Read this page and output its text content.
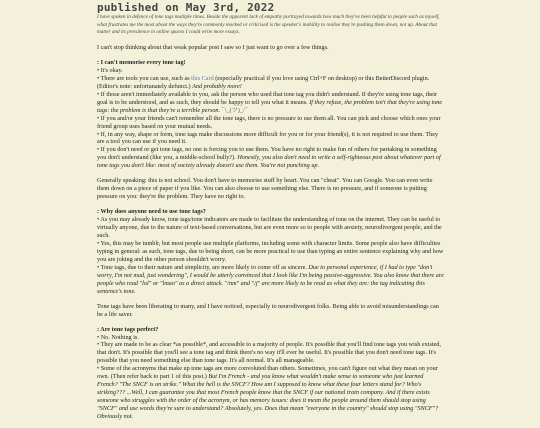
published on May 3rd, 2022
I have spoken in defence of tone tags multiple times. Beside the apparent lack of empathy portrayed towards how much they've been helpful to people such as myself, what frustrates me the most about the ways they're commonly mocked or criticised is the speaker's inability to realise they're pushing them down, not up. About that matter and its prevalence in online spaces I could write more essays.

I can't stop thinking about that weak popular post I saw so I just want to go over a few things.

: I can't memorise every tone tag!
• It's okay.
• There are tools you can use, such as this Card (especially practical if you love using Ctrl+F on desktop) or this BetterDiscord plugin. (Editor's note: unfortunately defunct.) And probably more!
• If those aren't immediately available to you, ask the person who used that tone tag you didn't understand. If they're using tone tags, their goal is to be understood, and as such, they should be happy to tell you what it means. If they refuse, the problem isn't that they're using tone tags: the problem is that they're a terrible person. ¯\_(ツ)_/¯
• If you and/or your friends can't remember all the tone tags, there is no pressure to use them all. You can pick and choose which ones your friend group uses based on your mutual needs.
• If, in any way, shape or form, tone tags make discussions more difficult for you or for your friend(s), it is not required to use them. They are a tool you can use if you need it.
• If you don't need or get tone tags, no one is forcing you to use them. You have no right to make fun of others for partaking in something you don't understand (like you, a middle-school bully?). Honestly, you also don't need to write a self-righteous post about whatever part of tone tags you don't like: most of society already doesn't use them. You're not punching up.

Generally speaking: this is not school. You don't have to memorise stuff by heart. You can "cheat". You can Google. You can even write them down on a piece of paper if you like. You can also choose to use something else. There is no pressure, and if someone is putting pressure on you: they're the problem. They have no right to.

: Why does anyone need to use tone tags?
• As you may already know, tone tags/tone indicators are made to facilitate the understanding of tone on the internet. They can be useful to virtually anyone, due to the nature of text-based conversations, but are even more so to people with anxiety, neurodivergent people, and the such.
• Yes, this may be tumblr, but most people use multiple platforms, including some with character limits. Some people also have difficulties typing in general: as such, tone tags, due to being short, can be more practical to use than typing an entire sentence explaining why and how you are joking and the other person shouldn't worry.
• Tone tags, due to their nature and simplicity, are more likely to come off as sincere. Due to personal experience, if I had to type "don't worry, I'm not mad, just wondering", I would be utterly convinced that I look like I'm being passive-aggressive. You also know that there are people who read "lol" or "lmao" as a direct attack. "/nm" and "/j" are more likely to be read as what they are: the tag indicating this sentence's tone.

Tone tags have been liberating to many, and I have noticed, especially to neurodivergent folks. Being able to avoid misunderstandings can be a life saver.

: Are tone tags perfect?
• No. Nothing is.
• They are made to be as clear *as possible*, and accessible to a majority of people. It's possible that you'll find tone tags you wish existed, that don't. It's possible that you'll see a tone tag and think there's no way it'll ever be useful. It's possible that you don't need tone tags. It's possible that you need something else than tone tags. It's all normal. It's all manageable.
• Some of the acronyms that make up tone tags are more convoluted than others. Sometimes, you can't figure out what they mean on your own. (Then refer back to part 1 of this post.) But I'm French - and you know what wouldn't make sense to someone who just learned French? "The SNCF is on strike." What the hell is the SNCF? How am I supposed to know what these four letters stand for? Who's striking??? ...Well, I can guarantee you that most French people know that the SNCF if our national train company. And if there exists someone who struggles with the order of the acronym, or has memory issues: does it mean the people around them should stop using "SNCF" and use words they're sure to understand? Absolutely, yes. Does that mean "everyone in the country" should stop using "SNCF"? Obviously not.
